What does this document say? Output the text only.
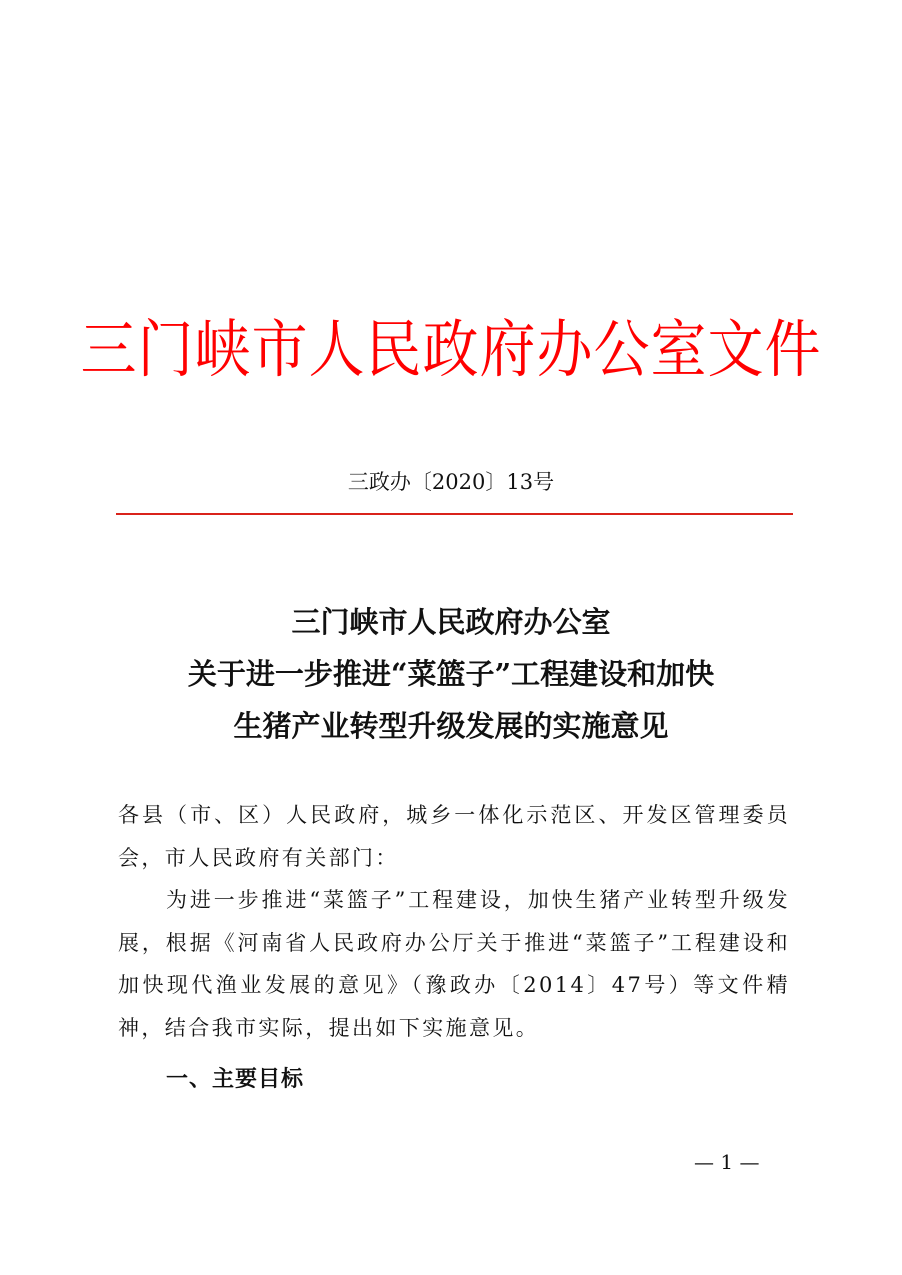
三门峡市人民政府办公室文件
三政办〔2020〕13号
三门峡市人民政府办公室
关于进一步推进“菜篮子”工程建设和加快
生猪产业转型升级发展的实施意见

各县（市、区）人民政府，城乡一体化示范区、开发区管理委员会，市人民政府有关部门：

为进一步推进“菜篮子”工程建设，加快生猪产业转型升级发展，根据《河南省人民政府办公厅关于推进“菜篮子”工程建设和加快现代渔业发展的意见》（豫政办〔2014〕47号）等文件精神，结合我市实际，提出如下实施意见。

一、主要目标
— 1 —
